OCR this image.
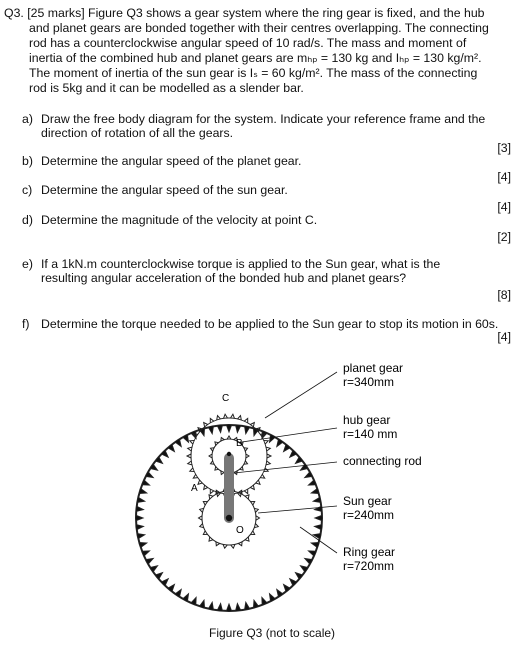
Q3. [25 marks] Figure Q3 shows a gear system where the ring gear is fixed, and the hub
and planet gears are bonded together with their centres overlapping. The connecting
rod has a counterclockwise angular speed of 10 rad/s. The mass and moment of
inertia of the combined hub and planet gears are mₕₚ = 130 kg and Iₕₚ = 130 kg/m².
The moment of inertia of the sun gear is Iₛ = 60 kg/m². The mass of the connecting
rod is 5kg and it can be modelled as a slender bar.
a) Draw the free body diagram for the system. Indicate your reference frame and the
direction of rotation of all the gears.
[3]
b) Determine the angular speed of the planet gear.
[4]
c) Determine the angular speed of the sun gear.
[4]
d) Determine the magnitude of the velocity at point C.
[2]
e) If a 1kN.m counterclockwise torque is applied to the Sun gear, what is the
resulting angular acceleration of the bonded hub and planet gears?
[8]
f) Determine the torque needed to be applied to the Sun gear to stop its motion in 60s.
[4]
C
B
A
O
planet gear
r=340mm
hub gear
r=140 mm
connecting rod
Sun gear
r=240mm
Ring gear
r=720mm
Figure Q3 (not to scale)
